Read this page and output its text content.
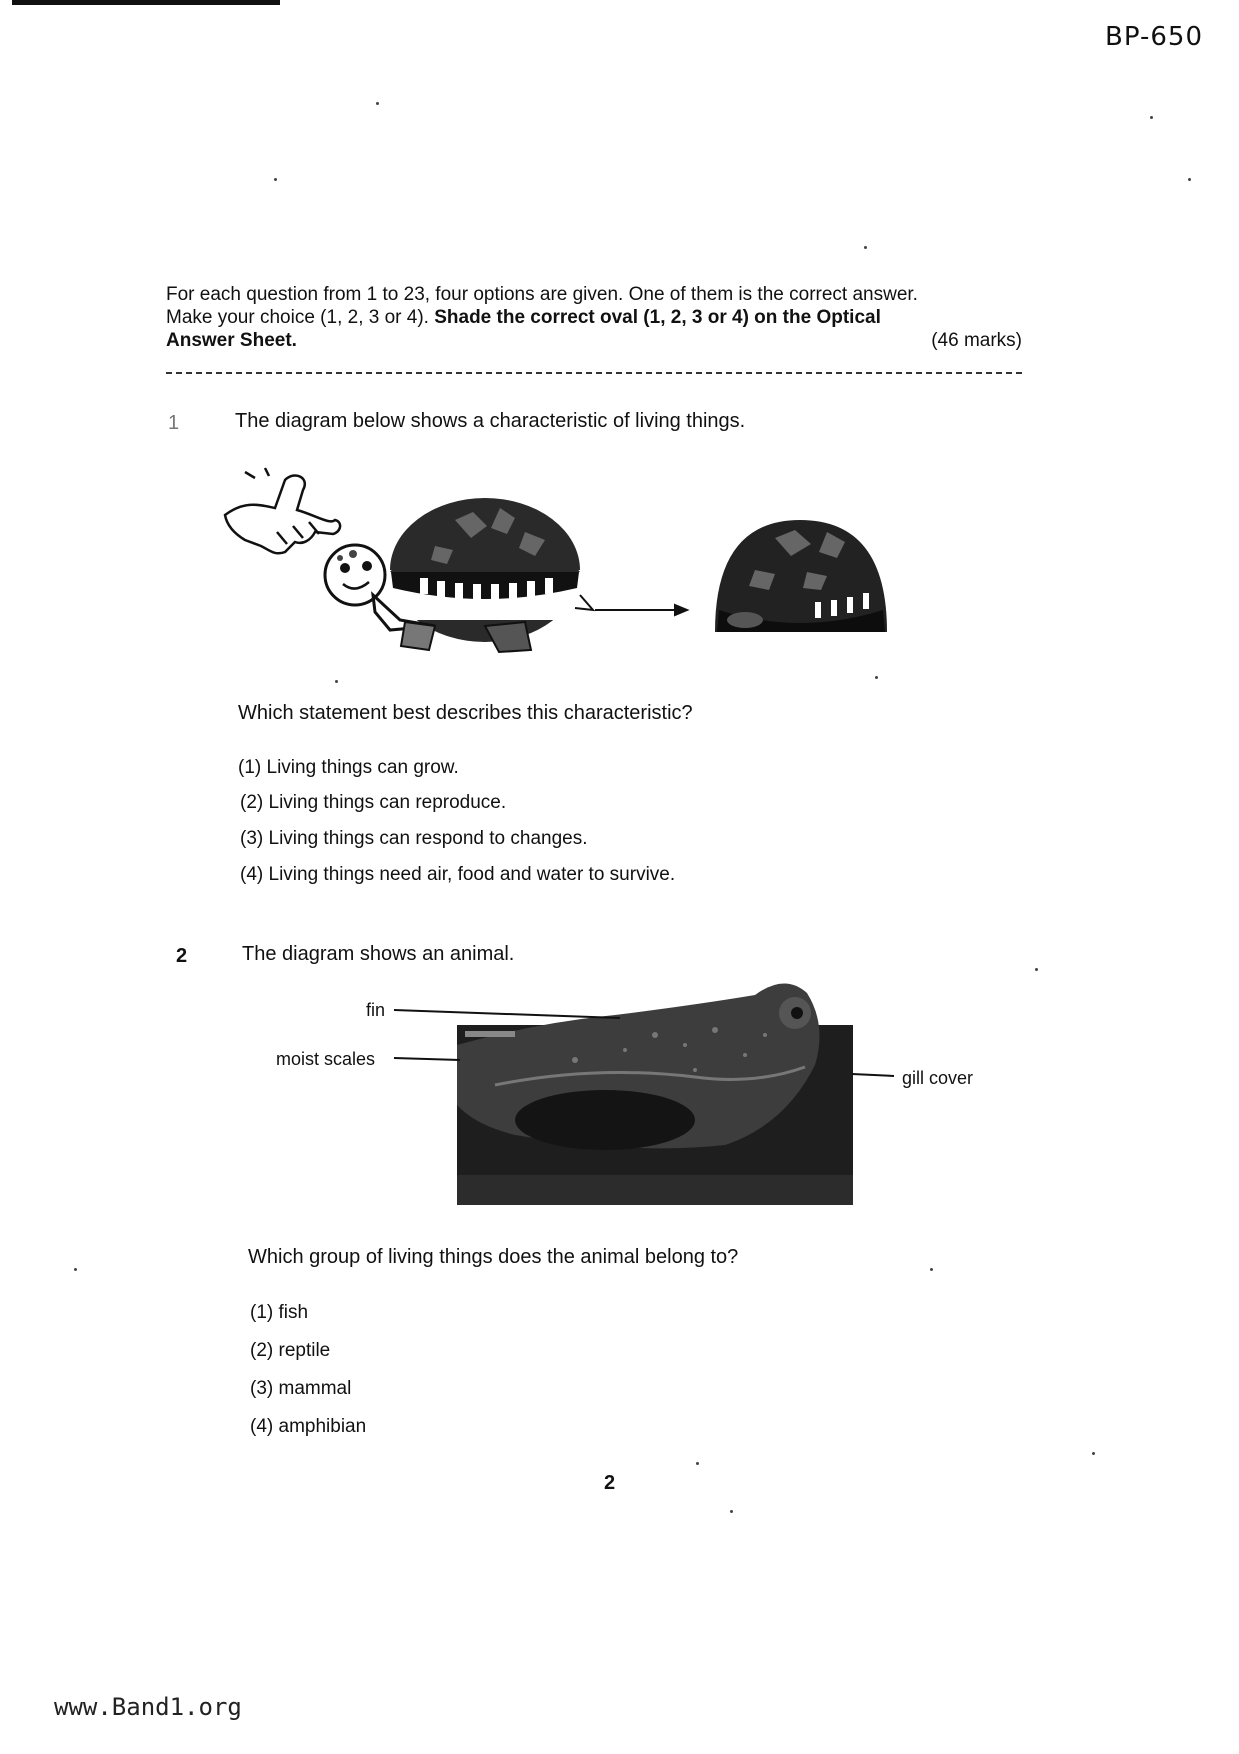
BP-650
For each question from 1 to 23, four options are given. One of them is the correct answer.
Make your choice (1, 2, 3 or 4). Shade the correct oval (1, 2, 3 or 4) on the Optical
Answer Sheet.	(46 marks)
1	The diagram below shows a characteristic of living things.
Which statement best describes this characteristic?
(1) Living things can grow.
(2) Living things can reproduce.
(3) Living things can respond to changes.
(4) Living things need air, food and water to survive.
2	The diagram shows an animal.
fin
moist scales
gill cover
Which group of living things does the animal belong to?
(1) fish
(2) reptile
(3) mammal
(4) amphibian
2
www.Band1.org
